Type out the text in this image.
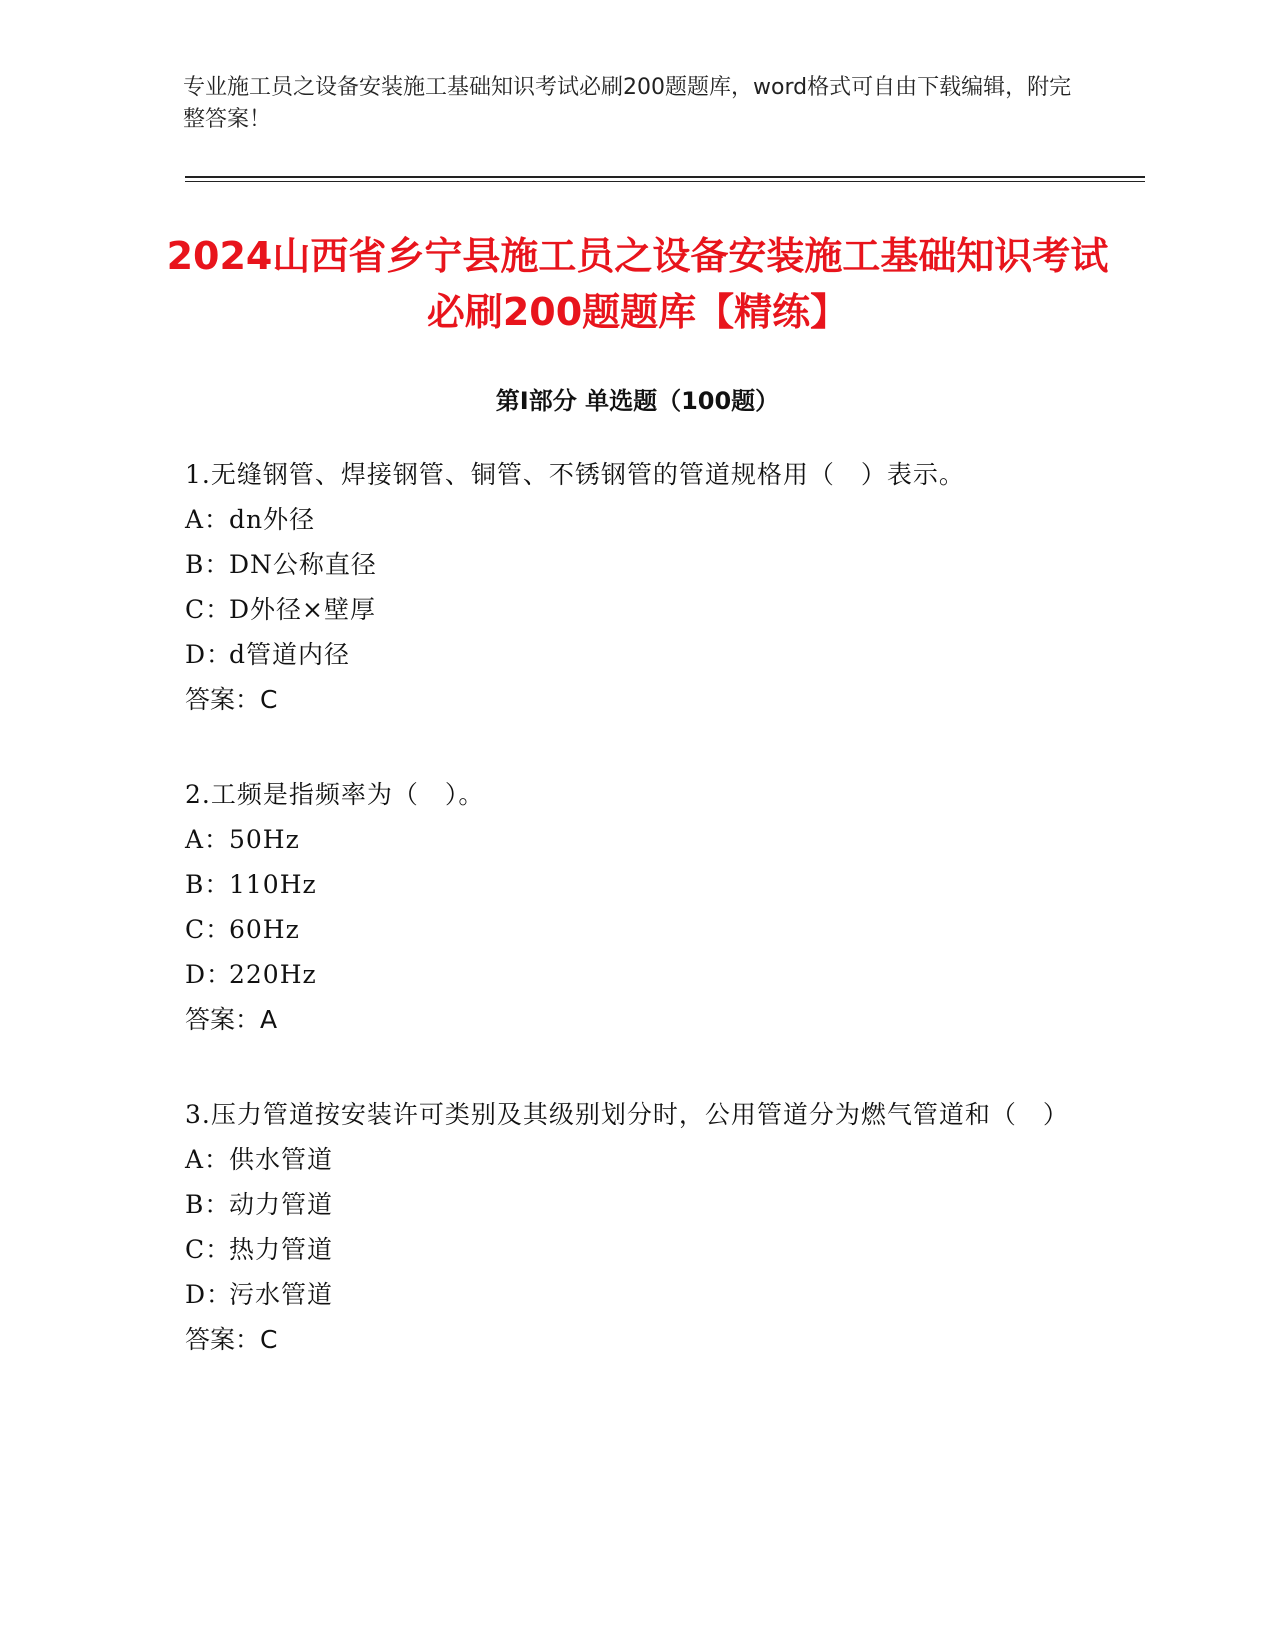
专业施工员之设备安装施工基础知识考试必刷200题题库，word格式可自由下载编辑，附完整答案！
2024山西省乡宁县施工员之设备安装施工基础知识考试必刷200题题库【精练】
第I部分 单选题（100题）
1.无缝钢管、焊接钢管、铜管、不锈钢管的管道规格用（　）表示。
A：dn外径
B：DN公称直径
C：D外径×壁厚
D：d管道内径
答案：C
2.工频是指频率为（　）。
A：50Hz
B：110Hz
C：60Hz
D：220Hz
答案：A
3.压力管道按安装许可类别及其级别划分时，公用管道分为燃气管道和（　）
A：供水管道
B：动力管道
C：热力管道
D：污水管道
答案：C
